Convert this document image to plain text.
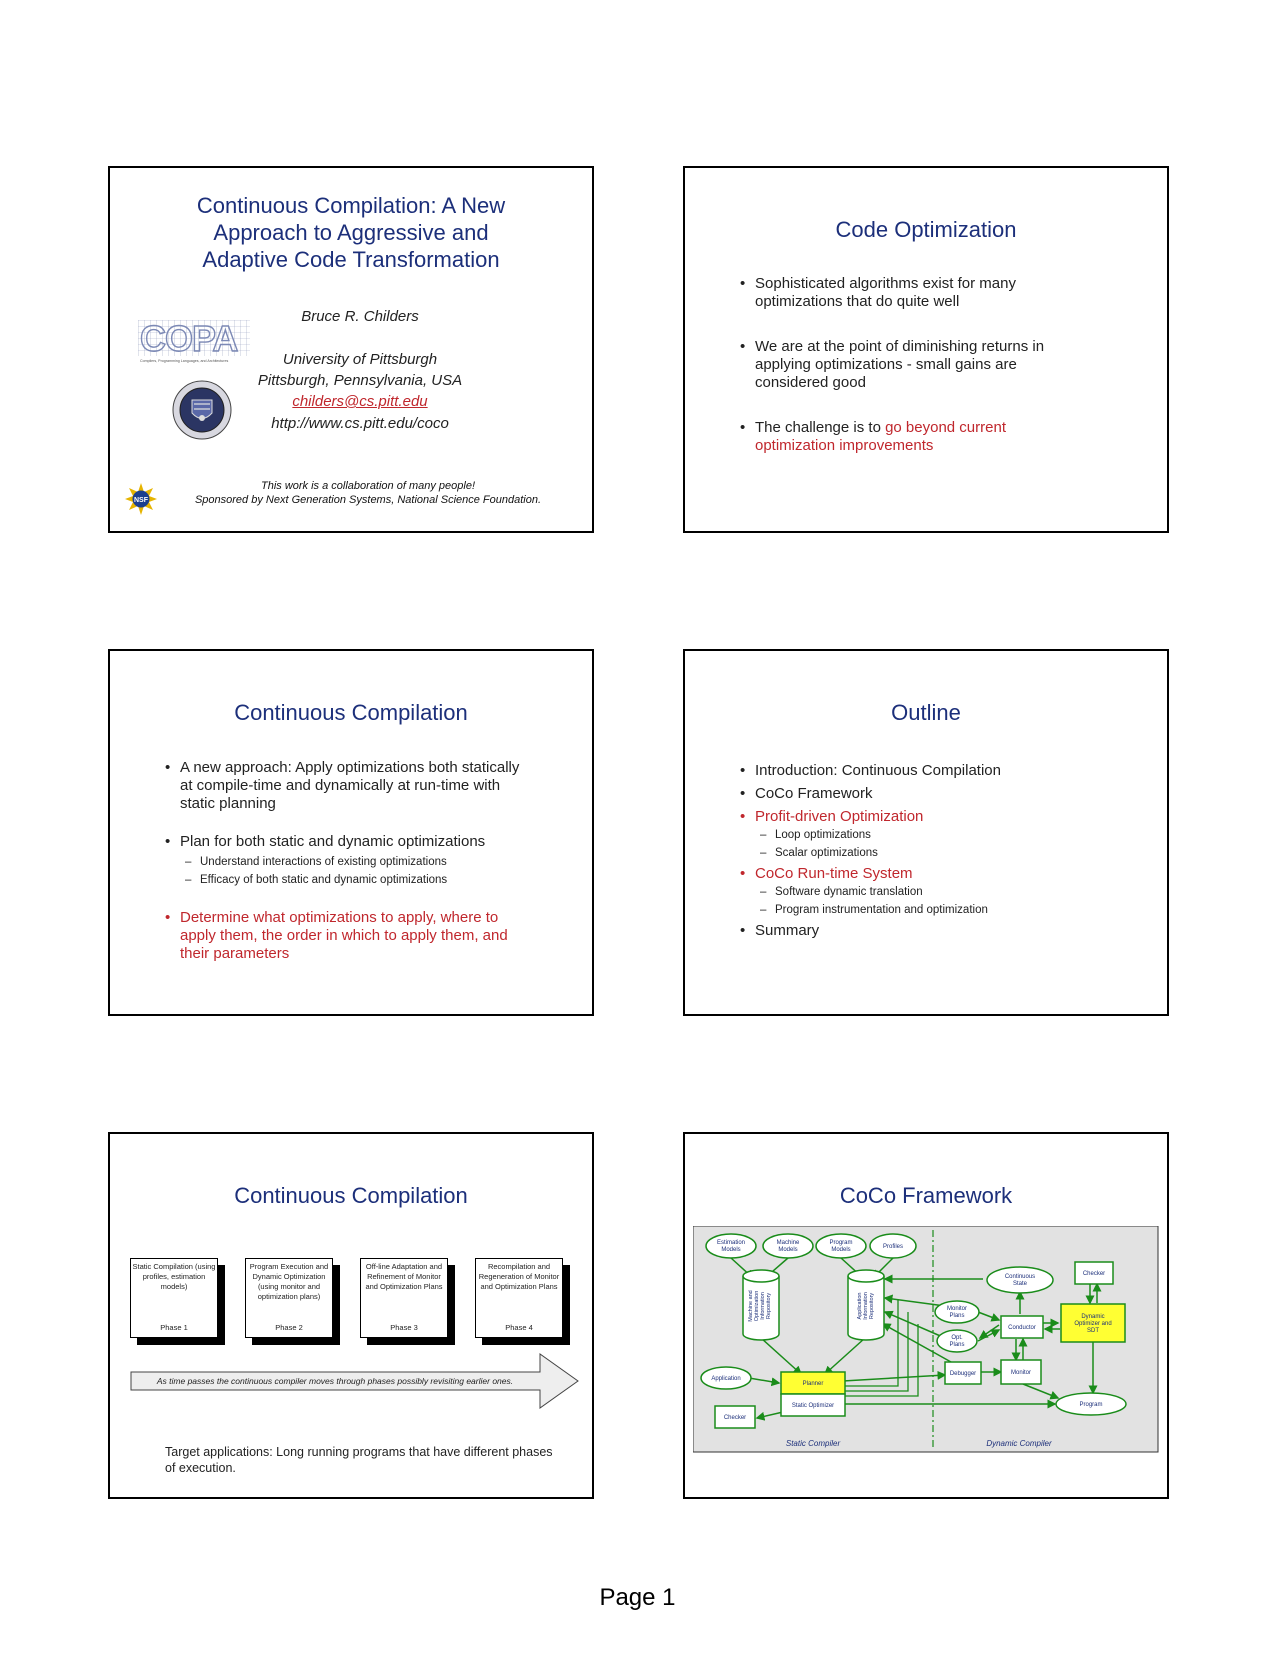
Continuous Compilation: A New
Approach to Aggressive and
Adaptive Code Transformation
COPA
Compilers, Programming Languages, and Architectures
Bruce R. Childers
University of Pittsburgh
Pittsburgh, Pennsylvania, USA
childers@cs.pitt.edu
http://www.cs.pitt.edu/coco
NSF
This work is a collaboration of many people!
Sponsored by Next Generation Systems, National Science Foundation.
Code Optimization
• Sophisticated algorithms exist for many optimizations that do quite well
• We are at the point of diminishing returns in applying optimizations - small gains are considered good
• The challenge is to go beyond current optimization improvements
Continuous Compilation
• A new approach: Apply optimizations both statically at compile-time and dynamically at run-time with static planning
• Plan for both static and dynamic optimizations
– Understand interactions of existing optimizations
– Efficacy of both static and dynamic optimizations
• Determine what optimizations to apply, where to apply them, the order in which to apply them, and their parameters
Outline
• Introduction: Continuous Compilation
• CoCo Framework
• Profit-driven Optimization
– Loop optimizations
– Scalar optimizations
• CoCo Run-time System
– Software dynamic translation
– Program instrumentation and optimization
• Summary
Continuous Compilation
Static Compilation (using profiles, estimation models)
Phase 1
Program Execution and Dynamic Optimization (using monitor and optimization plans)
Phase 2
Off-line Adaptation and Refinement of Monitor and Optimization Plans
Phase 3
Recompilation and Regeneration of Monitor and Optimization Plans
Phase 4
As time passes the continuous compiler moves through phases possibly revisiting earlier ones.
Target applications: Long running programs that have different phases of execution.
CoCo Framework
Estimation
Models
Machine
Models
Program
Models	Profiles
Application
Checker
Planner
Static Optimizer
Continuous
State
Monitor
Plans
Opt.
Plans
Conductor
Checker
Dynamic
Optimizer and
SDT
Debugger	Monitor
Program
Machine and Optimization Information Repository	Application Information Repository
Static Compiler	Dynamic Compiler
Page 1
